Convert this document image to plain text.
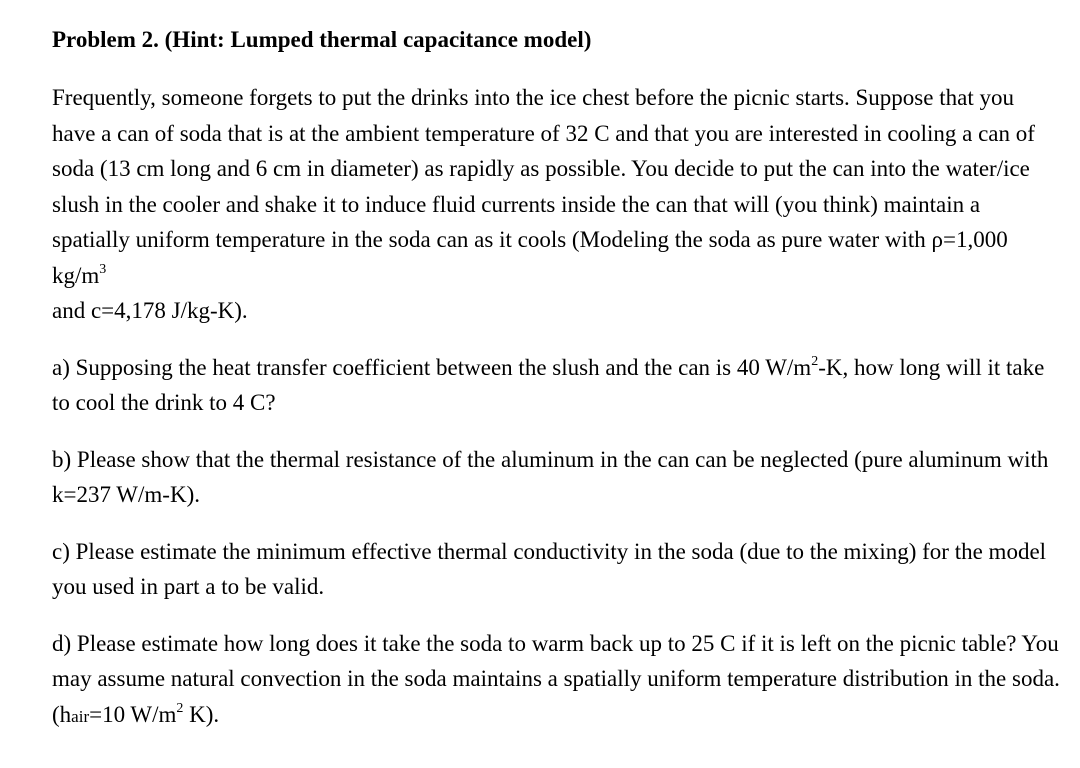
Problem 2. (Hint: Lumped thermal capacitance model)

Frequently, someone forgets to put the drinks into the ice chest before the picnic starts. Suppose that you have a can of soda that is at the ambient temperature of 32 C and that you are interested in cooling a can of soda (13 cm long and 6 cm in diameter) as rapidly as possible. You decide to put the can into the water/ice slush in the cooler and shake it to induce fluid currents inside the can that will (you think) maintain a spatially uniform temperature in the soda can as it cools (Modeling the soda as pure water with ρ=1,000 $kg/m^3$
and c=4,178 J/kg-K).

a) Supposing the heat transfer coefficient between the slush and the can is 40 $W/m^2-K$, how long will it take to cool the drink to 4 C?

b) Please show that the thermal resistance of the aluminum in the can can be neglected (pure aluminum with k=237 W/m-K).

c) Please estimate the minimum effective thermal conductivity in the soda (due to the mixing) for the model you used in part a to be valid.

d) Please estimate how long does it take the soda to warm back up to 25 C if it is left on the picnic table? You may assume natural convection in the soda maintains a spatially uniform temperature distribution in the soda. (hair=10 $W/m^2$ K).
